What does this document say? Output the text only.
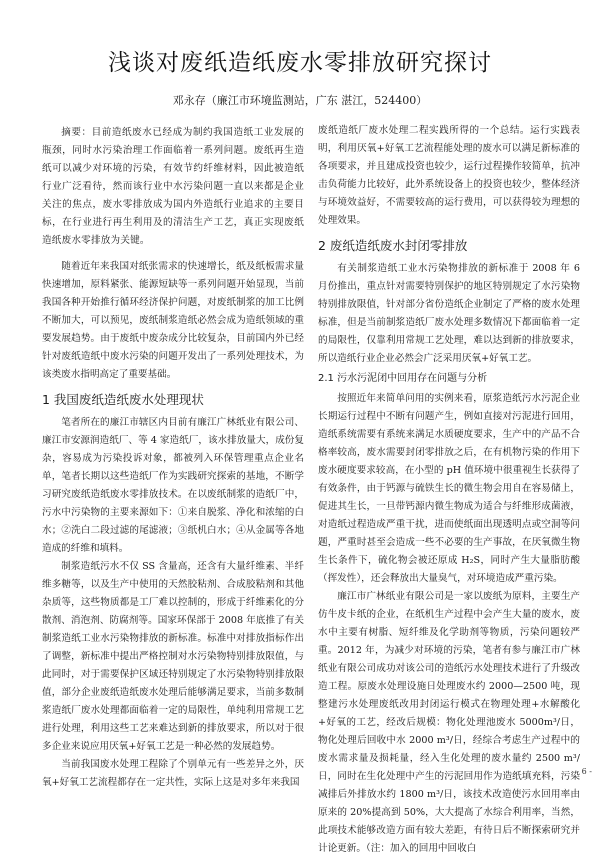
浅谈对废纸造纸废水零排放研究探讨
邓永存（廉江市环境监测站，广东 湛江，524400）

摘要：目前造纸废水已经成为制约我国造纸工业发展的瓶颈，同时水污染治理工作面临着一系列问题。废纸再生造纸可以减少对环境的污染，有效节约纤维材料，因此被造纸行业广泛看待，然而该行业中水污染问题一直以来都是企业关注的焦点，废水零排放成为国内外造纸行业追求的主要目标，在行业进行再生利用及的清洁生产工艺，真正实现废纸造纸废水零排放为关键。

随着近年来我国对纸张需求的快速增长，纸及纸板需求量快速增加，原料紧张、能源短缺等一系列问题开始显现，当前我国各种开始推行循环经济保护问题，对废纸制浆的加工比例不断加大，可以预见，废纸制浆造纸必然会成为造纸领域的重要发展趋势。由于废纸中废杂成分比较复杂，目前国内外已经针对废纸造纸中废水污染的问题开发出了一系列处理技术，为该类废水指明高定了重要基础。

1 我国废纸造纸废水处理现状

笔者所在的廉江市辖区内目前有廉江广林纸业有限公司、廉江市安源润造纸厂、等 4 家造纸厂，该水排放量大，成份复杂，容易成为污染投诉对象，都被列入环保管理重点企业名单，笔者长期以这些造纸厂作为实践研究探索的基地，不断学习研究废纸造纸废水零排放技术。在以废纸制浆的造纸厂中，污水中污染物的主要来源如下：①来自脱浆、净化和浓缩的白水；②洗白二段过滤的尾滤液；③纸机白水；④从金属等各地造成的纤维和填料。

制浆造纸污水不仅 SS 含量高，还含有大量纤维素、半纤维多糖等，以及生产中使用的天然胶粘剂、合成胶粘剂和其他杂质等，这些物质都是工厂难以控制的，形成于纤维素化的分散剂、消泡剂、防腐剂等。国家环保部于 2008 年底推了有关制浆造纸工业水污染物排放的新标准。标准中对排放指标作出了调整，新标准中提出严格控制对水污染物特别排放限值，与此同时，对于需要保护区域还特别规定了水污染物特别排放限值，部分企业废纸造纸废水处理后能够满足要求，当前多数制浆造纸厂废水处理都面临着一定的局限性，单纯利用常规工艺进行处理，利用这些工艺来难达到新的排放要求，所以对于很多企业来说应用厌氧+好氧工艺是一种必然的发展趋势。

当前我国废水处理工程除了个别单元有一些差异之外，厌氧+好氧工艺流程都存在一定共性，实际上这是对多年来我国

废纸造纸厂废水处理二程实践所得的一个总结。运行实践表明，利用厌氧+好氧工艺流程能处理的废水可以满足新标准的各项要求，并且建成投资也较少，运行过程操作较简单，抗冲击负荷能力比较好，此外系统设备上的投资也较少，整体经济与环境效益好，不需要较高的运行费用，可以获得较为理想的处理效果。

2 废纸造纸废水封闭零排放

有关制浆造纸工业水污染物排放的新标准于 2008 年 6 月份推出，重点针对需要特别保护的地区特别规定了水污染物特别排放限值，针对部分省份造纸企业制定了严格的废水处理标准，但是当前制浆造纸厂废水处理多数情况下都面临着一定的局限性，仅靠利用常规工艺处理，难以达到新的排放要求，所以造纸行业企业必然会广泛采用厌氧+好氧工艺。

2.1 污水污泥闭中回用存在问题与分析

按照近年来简单问用的实例来看，原浆造纸污水污泥企业长期运行过程中不断有问题产生，例如直接对污泥进行回用，造纸系统需要有系统来满足水质硬度要求，生产中的产品不合格率较高，废水需要封闭零排放之后，在有机物污染的作用下废水硬度要求较高，在小型的 pH 值环境中很重视生长获得了有效条件，由于钙源与硫铁生长的微生物会用自在容易储上，促进其生长，一旦带钙源内微生物成为适合与纤维形成菌液，对造纸过程造成严重干扰，进而使纸面出现透明点或空洞等问题，严重时甚至会造成一些不必要的生产事故，在厌氧微生物生长条件下，硫化物会被还原成 H₂S，同时产生大量脂肪酸（挥发性），还会释放出大量臭气，对环境造成严重污染。

廉江市广林纸业有限公司是一家以废纸为原料，主要生产仿牛皮卡纸的企业，在纸机生产过程中会产生大量的废水，废水中主要有树脂、短纤维及化学助剂等物质，污染问题较严重。2012 年，为减少对环境的污染，笔者有参与廉江市广林纸业有限公司成功对该公司的造纸污水处理技术进行了升级改造工程。原废水处理设施日处理废水约 2000—2500 吨，现整建污水处理废纸改用封闭运行模式在物理处理+水解酸化+好氧的工艺，经改后规模：物化处理池废水 5000m³/日，物化处理后回收中水 2000 m³/日，经综合考虑生产过程中的废水需求量及损耗量，经入生化处理的废水量约 2500 m³/日，同时在生化处理中产生的污泥回用作为造纸填充料，污染减排后外排放水约 1800 m³/日，该技术改造使污水回用率由原来的 20%提高到 50%，大大提高了水综合利用率，当然，此项技术能够改造方面有较大差距，有待日后不断探索研究并计论更新。（注：加入的回用中回收白

- 6 -
